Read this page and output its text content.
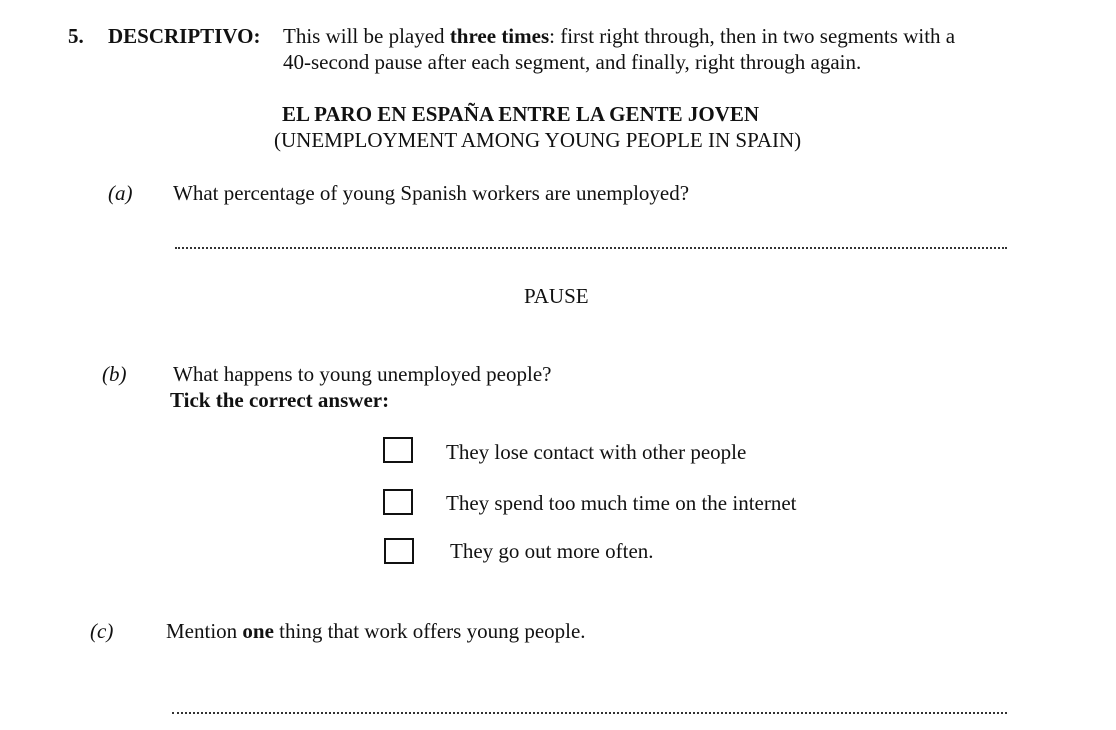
5. DESCRIPTIVO: This will be played three times: first right through, then in two segments with a
40-second pause after each segment, and finally, right through again.
EL PARO EN ESPAÑA ENTRE LA GENTE JOVEN
(UNEMPLOYMENT AMONG YOUNG PEOPLE IN SPAIN)
(a) What percentage of young Spanish workers are unemployed?
PAUSE
(b) What happens to young unemployed people?
Tick the correct answer:
They lose contact with other people
They spend too much time on the internet
They go out more often.
(c)	Mention one thing that work offers young people.
